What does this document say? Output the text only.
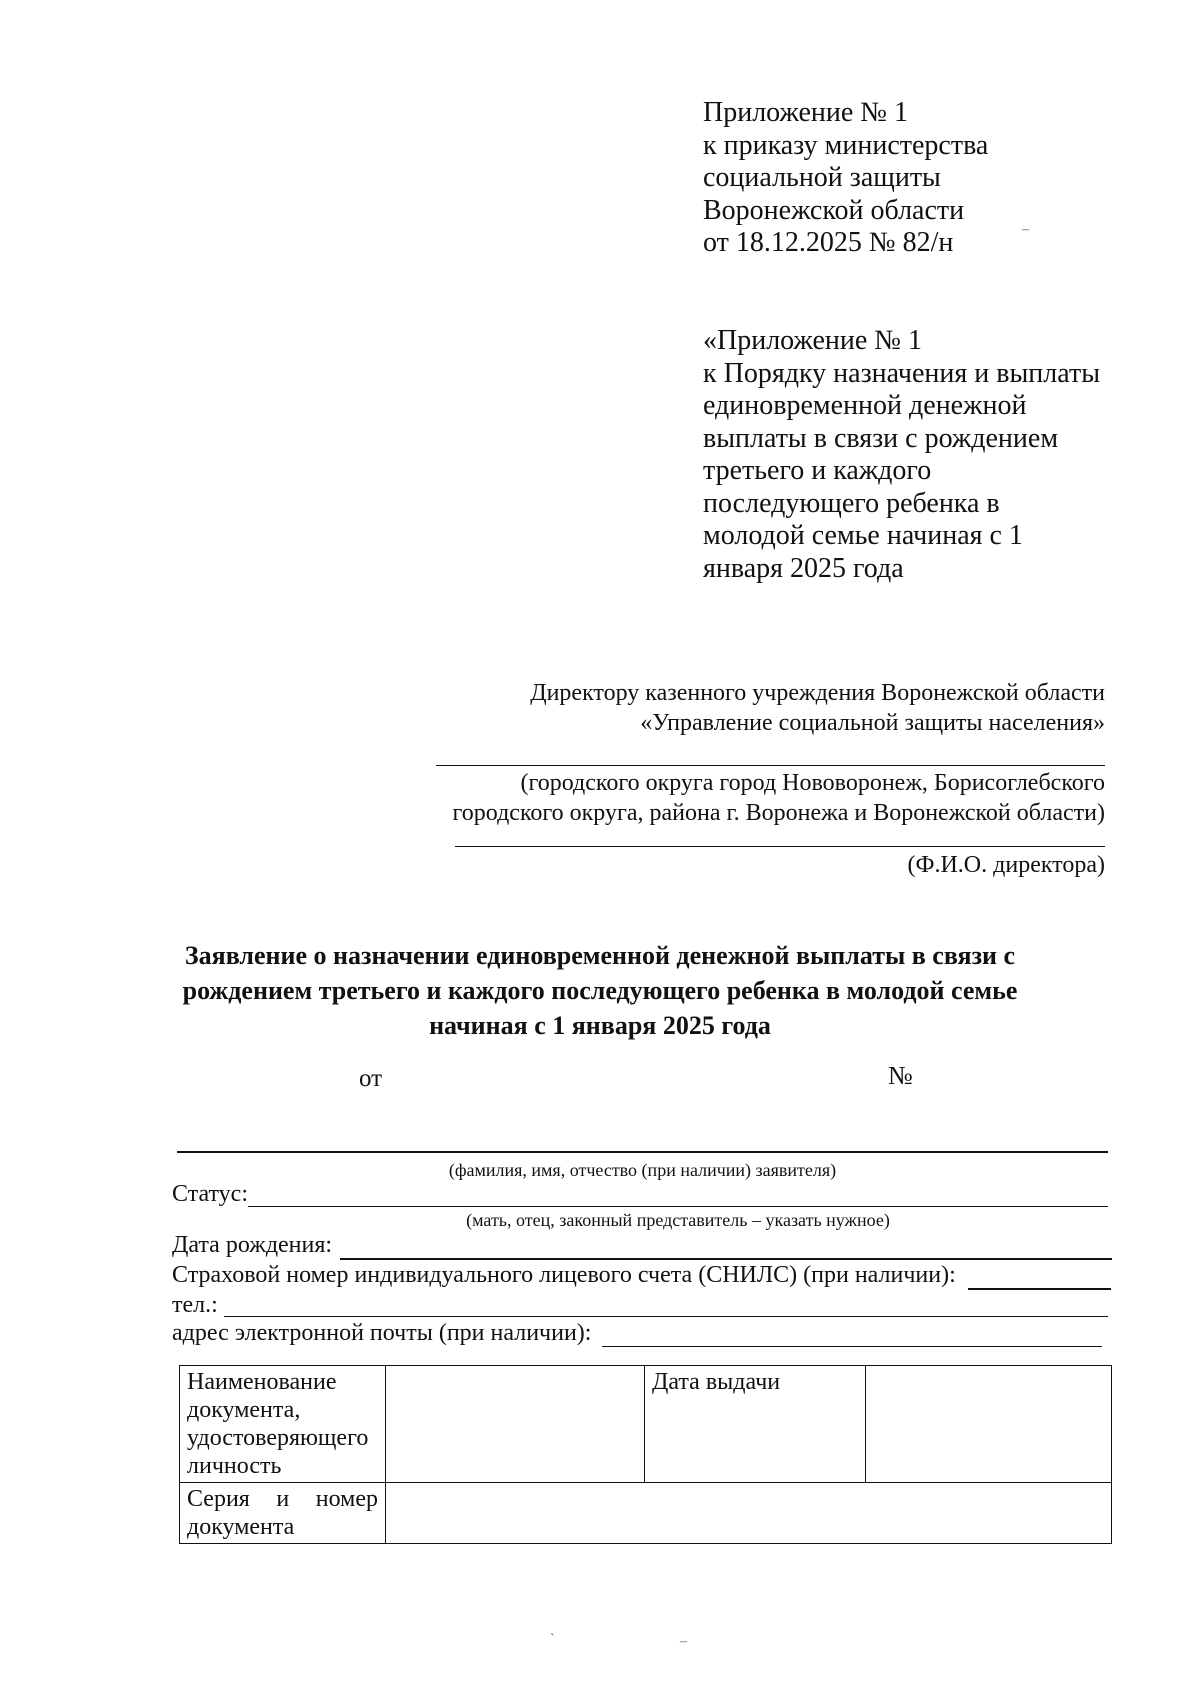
Приложение № 1
к приказу министерства
социальной защиты
Воронежской области
от 18.12.2025 № 82/н	–
«Приложение № 1
к Порядку назначения и выплаты
единовременной денежной
выплаты в связи с рождением
третьего и каждого
последующего ребенка в
молодой семье начиная с 1
января 2025 года
Директору казенного учреждения Воронежской области
«Управление социальной защиты населения»
(городского округа город Нововоронеж, Борисоглебского
городского округа, района г. Воронежа и Воронежской области)
(Ф.И.О. директора)
Заявление о назначении единовременной денежной выплаты в связи с
рождением третьего и каждого последующего ребенка в молодой семье
начиная с 1 января 2025 года
от	№
(фамилия, имя, отчество (при наличии) заявителя)
Статус:
(мать, отец, законный представитель – указать нужное)
Дата рождения:
Страховой номер индивидуального лицевого счета (СНИЛС) (при наличии):
тел.:
адрес электронной почты (при наличии):
Наименование
документа,
удостоверяющего
личность		Дата выдачи	

Серия и номер
документа			

`	–
